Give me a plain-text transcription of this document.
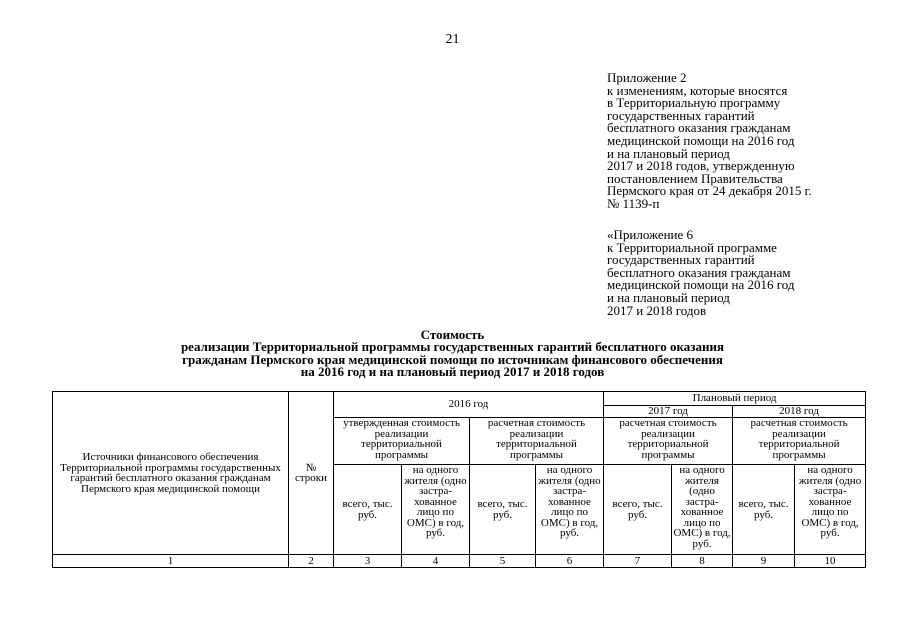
21
Приложение 2
к изменениям, которые вносятся
в Территориальную программу
государственных гарантий
бесплатного оказания гражданам
медицинской помощи на 2016 год
и на плановый период
2017 и 2018 годов, утвержденную
постановлением Правительства
Пермского края от 24 декабря 2015 г.
№ 1139-п
«Приложение 6
к Территориальной программе
государственных гарантий
бесплатного оказания гражданам
медицинской помощи на 2016 год
и на плановый период
2017 и 2018 годов
Стоимость
реализации Территориальной программы государственных гарантий бесплатного оказания
гражданам Пермского края медицинской помощи по источникам финансового обеспечения
на 2016 год и на плановый период 2017 и 2018 годов
Источники финансового обеспечения Территориальной программы государственных гарантий бесплатного оказания гражданам Пермского края медицинской помощи	№ строки	2016 год				Плановый период			
						2017 год		2018 год	
		утвержденная стоимость реализации территориальной программы		расчетная стоимость реализации территориальной программы		расчетная стоимость реализации территориальной программы		расчетная стоимость реализации территориальной программы	
		всего, тыс. руб.	на одного жителя (одно застра-хованное лицо по ОМС) в год, руб.	всего, тыс. руб.	на одного жителя (одно застра-хованное лицо по ОМС) в год, руб.	всего, тыс. руб.	на одного жителя (одно застра-хованное лицо по ОМС) в год, руб.	всего, тыс. руб.	на одного жителя (одно застра-хованное лицо по ОМС) в год, руб.
1	2	3	4	5	6	7	8	9	10
